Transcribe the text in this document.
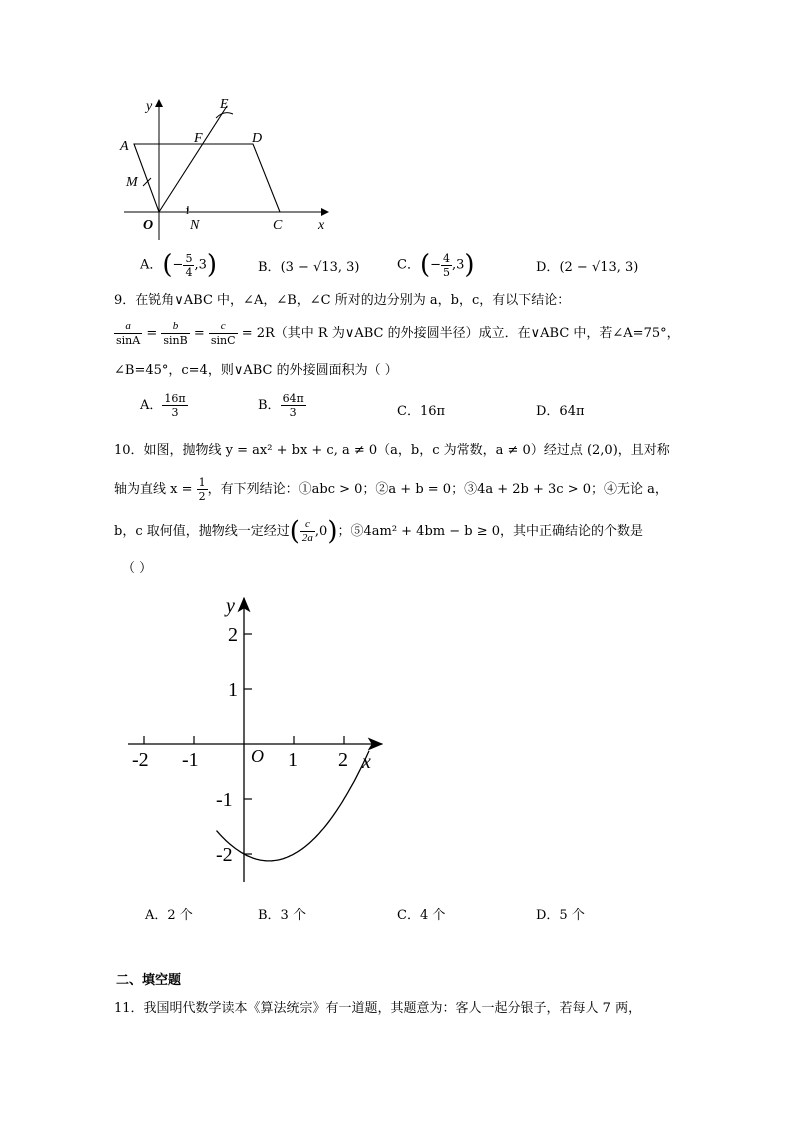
y	E
F	D
A
M
O
1
N	C	x
A．(− $\frac{5}{4} ,3$)	B．(3 − √13, 3)	C．(− $\frac{4}{5} ,3$)	D．(2 − √13, 3)
9．在锐角∨ABC 中，∠A，∠B，∠C 所对的边分别为 a，b，c，有以下结论：
$\frac{a}{\sin A} = \frac{b}{\sin B} = \frac{c}{\sin C} = 2R$（其中 R 为∨ABC 的外接圆半径）成立．在∨ABC 中，若∠A=75°，
∠B=45°，c=4，则∨ABC 的外接圆面积为（ ）
A． $\frac{16\pi}{3}$	B． $\frac{64\pi}{3}$	C．16π	D．64π
10．如图，抛物线 y = ax² + bx + c, a ≠ 0（a，b，c 为常数，a ≠ 0）经过点 (2,0)，且对称
轴为直线 $x = \frac{1}{2}$ ，有下列结论：①abc > 0；②a + b = 0；③4a + 2b + 3c > 0；④无论 a，
b，c 取何值，抛物线一定经过( $\frac{c}{2a} ,0$)；⑤4am² + 4bm − b ≥ 0，其中正确结论的个数是
（ ）
-2 -1	1 2
2
1
-1
-2
y
x
O
A．2 个	B．3 个	C．4 个	D．5 个
二、填空题
11．我国明代数学读本《算法统宗》有一道题，其题意为：客人一起分银子，若每人 7 两，
